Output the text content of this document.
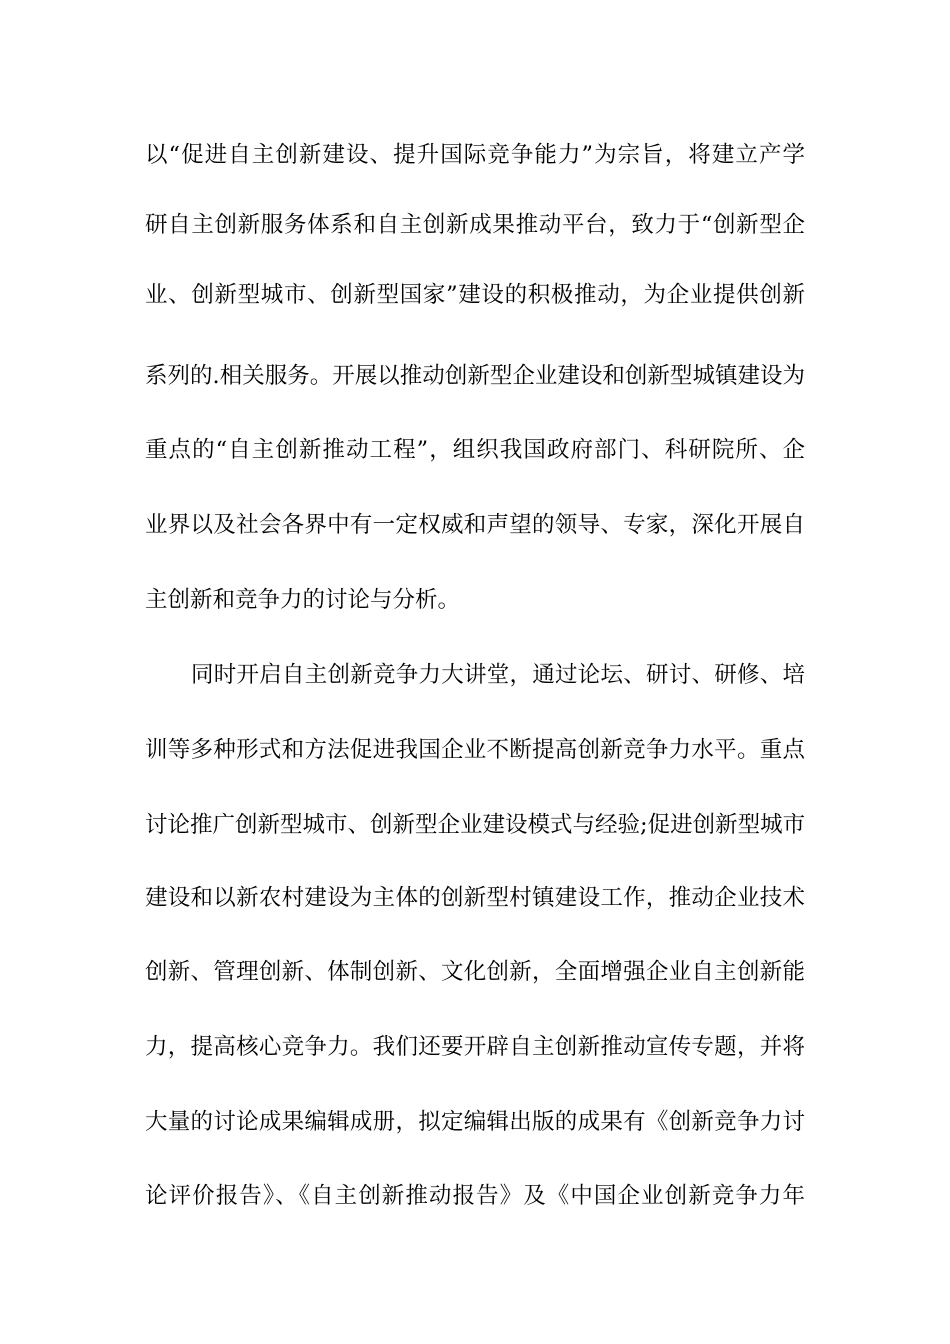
以“促进自主创新建设、提升国际竞争能力”为宗旨，将建立产学
研自主创新服务体系和自主创新成果推动平台，致力于“创新型企
业、创新型城市、创新型国家”建设的积极推动，为企业提供创新
系列的.相关服务。开展以推动创新型企业建设和创新型城镇建设为
重点的“自主创新推动工程”，组织我国政府部门、科研院所、企
业界以及社会各界中有一定权威和声望的领导、专家，深化开展自
主创新和竞争力的讨论与分析。
同时开启自主创新竞争力大讲堂，通过论坛、研讨、研修、培
训等多种形式和方法促进我国企业不断提高创新竞争力水平。重点
讨论推广创新型城市、创新型企业建设模式与经验;促进创新型城市
建设和以新农村建设为主体的创新型村镇建设工作，推动企业技术
创新、管理创新、体制创新、文化创新，全面增强企业自主创新能
力，提高核心竞争力。我们还要开辟自主创新推动宣传专题，并将
大量的讨论成果编辑成册，拟定编辑出版的成果有《创新竞争力讨
论评价报告》、《自主创新推动报告》及《中国企业创新竞争力年
